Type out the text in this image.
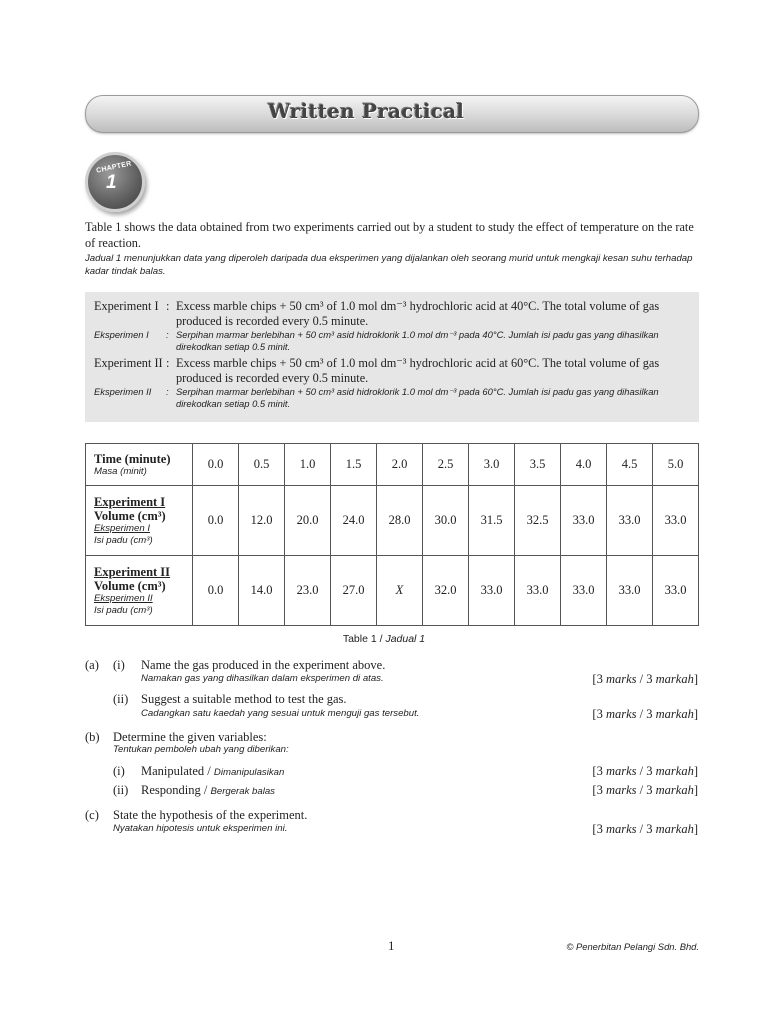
Written Practical
CHAPTER
1
Table 1 shows the data obtained from two experiments carried out by a student to study the effect of temperature on the rate of reaction.
Jadual 1 menunjukkan data yang diperoleh daripada dua eksperimen yang dijalankan oleh seorang murid untuk mengkaji kesan suhu terhadap kadar tindak balas.
Experiment I : Excess marble chips + 50 cm³ of 1.0 mol dm⁻³ hydrochloric acid at 40°C. The total volume of gas produced is recorded every 0.5 minute.
Eksperimen I	: Serpihan marmar berlebihan + 50 cm³ asid hidroklorik 1.0 mol dm⁻³ pada 40°C. Jumlah isi padu gas yang dihasilkan direkodkan setiap 0.5 minit.
Experiment II : Excess marble chips + 50 cm³ of 1.0 mol dm⁻³ hydrochloric acid at 60°C. The total volume of gas produced is recorded every 0.5 minute.
Eksperimen II	: Serpihan marmar berlebihan + 50 cm³ asid hidroklorik 1.0 mol dm⁻³ pada 60°C. Jumlah isi padu gas yang dihasilkan direkodkan setiap 0.5 minit.
Time (minute)
Masa (minit)	0.0	0.5	1.0	1.5	2.0	2.5	3.0	3.5	4.0	4.5	5.0

Experiment I
Volume (cm³)
Eksperimen I
Isi padu (cm³)	0.0	12.0	20.0	24.0	28.0	30.0	31.5	32.5	33.0	33.0	33.0

Experiment II
Volume (cm³)
Eksperimen II
Isi padu (cm³)	0.0	14.0	23.0	27.0	X	32.0	33.0	33.0	33.0	33.0	33.0
Table 1 / Jadual 1
(a) (i) Name the gas produced in the experiment above.
Namakan gas yang dihasilkan dalam eksperimen di atas.	[3 marks / 3 markah]
(ii) Suggest a suitable method to test the gas.
Cadangkan satu kaedah yang sesuai untuk menguji gas tersebut.	[3 marks / 3 markah]
(b) Determine the given variables:
Tentukan pemboleh ubah yang diberikan:
(i) Manipulated / Dimanipulasikan	[3 marks / 3 markah]
(ii) Responding / Bergerak balas	[3 marks / 3 markah]
(c) State the hypothesis of the experiment.
Nyatakan hipotesis untuk eksperimen ini.	[3 marks / 3 markah]
1	© Penerbitan Pelangi Sdn. Bhd.
